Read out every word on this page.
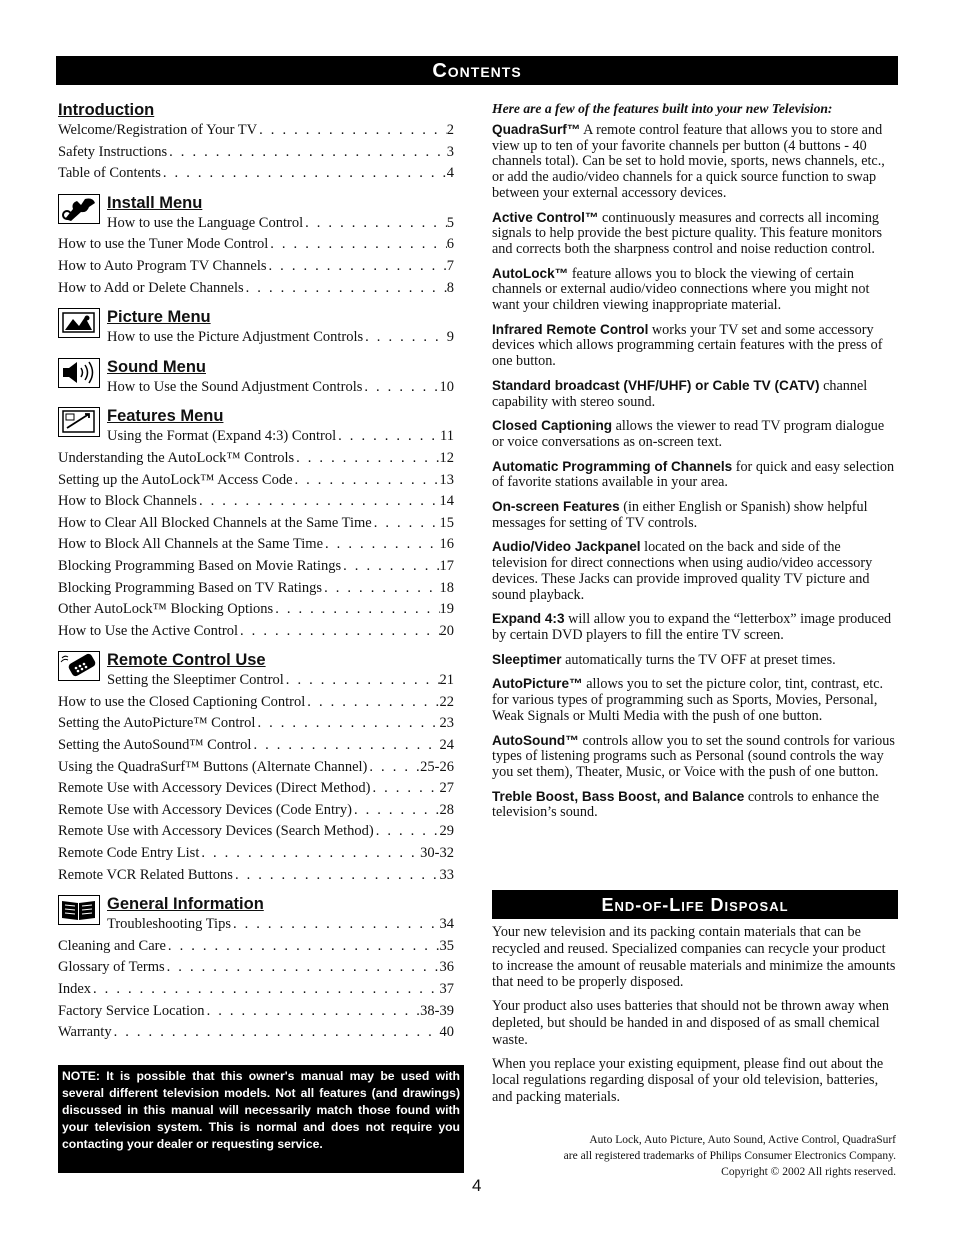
Contents
Introduction
Welcome/Registration of Your TV . . .	2
Safety Instructions . . .	3
Table of Contents . . .	4
Install Menu
How to use the Language Control . . .	5
How to use the Tuner Mode Control . . .	6
How to Auto Program TV Channels . . .	7
How to Add or Delete Channels . . .	8
Picture Menu
How to use the Picture Adjustment Controls . . .	9
Sound Menu
How to Use the Sound Adjustment Controls . . .	10
Features Menu
Using the Format (Expand 4:3) Control . . .	11
Understanding the AutoLock™ Controls . . .	12
Setting up the AutoLock™ Access Code . . .	13
How to Block Channels . . .	14
How to Clear All Blocked Channels at the Same Time . . .	15
How to Block All Channels at the Same Time . . .	16
Blocking Programming Based on Movie Ratings . . .	17
Blocking Programming Based on TV Ratings . . .	18
Other AutoLock™ Blocking Options . . .	19
How to Use the Active Control . . .	20
Remote Control Use
Setting the Sleeptimer Control . . .	21
How to use the Closed Captioning Control . . .	22
Setting the AutoPicture™ Control . . .	23
Setting the AutoSound™ Control . . .	24
Using the QuadraSurf™ Buttons (Alternate Channel) . . .	25-26
Remote Use with Accessory Devices (Direct Method) . . .	27
Remote Use with Accessory Devices (Code Entry) . . .	28
Remote Use with Accessory Devices (Search Method) . . .	29
Remote Code Entry List . . .	30-32
Remote VCR Related Buttons . . .	33
General Information
Troubleshooting Tips . . .	34
Cleaning and Care . . .	35
Glossary of Terms . . .	36
Index . . .	37
Factory Service Location . . .	38-39
Warranty . . .	40
NOTE: It is possible that this owner's manual may be used with several different television models. Not all features (and drawings) discussed in this manual will necessarily match those found with your television system. This is normal and does not require you contacting your dealer or requesting service.
Here are a few of the features built into your new Television:
QuadraSurf™ A remote control feature that allows you to store and view up to ten of your favorite channels per button (4 buttons - 40 channels total). Can be set to hold movie, sports, news channels, etc., or add the audio/video channels for a quick source function to swap between your external accessory devices.
Active Control™ continuously measures and corrects all incoming signals to help provide the best picture quality. This feature monitors and corrects both the sharpness control and noise reduction control.
AutoLock™ feature allows you to block the viewing of certain channels or external audio/video connections where you might not want your children viewing inappropriate material.
Infrared Remote Control works your TV set and some accessory devices which allows programming certain features with the press of one button.
Standard broadcast (VHF/UHF) or Cable TV (CATV) channel capability with stereo sound.
Closed Captioning allows the viewer to read TV program dialogue or voice conversations as on-screen text.
Automatic Programming of Channels for quick and easy selection of favorite stations available in your area.
On-screen Features (in either English or Spanish) show helpful messages for setting of TV controls.
Audio/Video Jackpanel located on the back and side of the television for direct connections when using audio/video accessory devices. These Jacks can provide improved quality TV picture and sound playback.
Expand 4:3 will allow you to expand the “letterbox” image produced by certain DVD players to fill the entire TV screen.
Sleeptimer automatically turns the TV OFF at preset times.
AutoPicture™ allows you to set the picture color, tint, contrast, etc. for various types of programming such as Sports, Movies, Personal, Weak Signals or Multi Media with the push of one button.
AutoSound™ controls allow you to set the sound controls for various types of listening programs such as Personal (sound controls the way you set them), Theater, Music, or Voice with the push of one button.
Treble Boost, Bass Boost, and Balance controls to enhance the television’s sound.
End-of-Life Disposal

Your new television and its packing contain materials that can be recycled and reused. Specialized companies can recycle your product to increase the amount of reusable materials and minimize the amounts that need to be properly disposed.

Your product also uses batteries that should not be thrown away when depleted, but should be handed in and disposed of as small chemical waste.

When you replace your existing equipment, please find out about the local regulations regarding disposal of your old television, batteries, and packing materials.

Auto Lock, Auto Picture, Auto Sound, Active Control, QuadraSurf
are all registered trademarks of Philips Consumer Electronics Company.
Copyright © 2002 All rights reserved.
4
